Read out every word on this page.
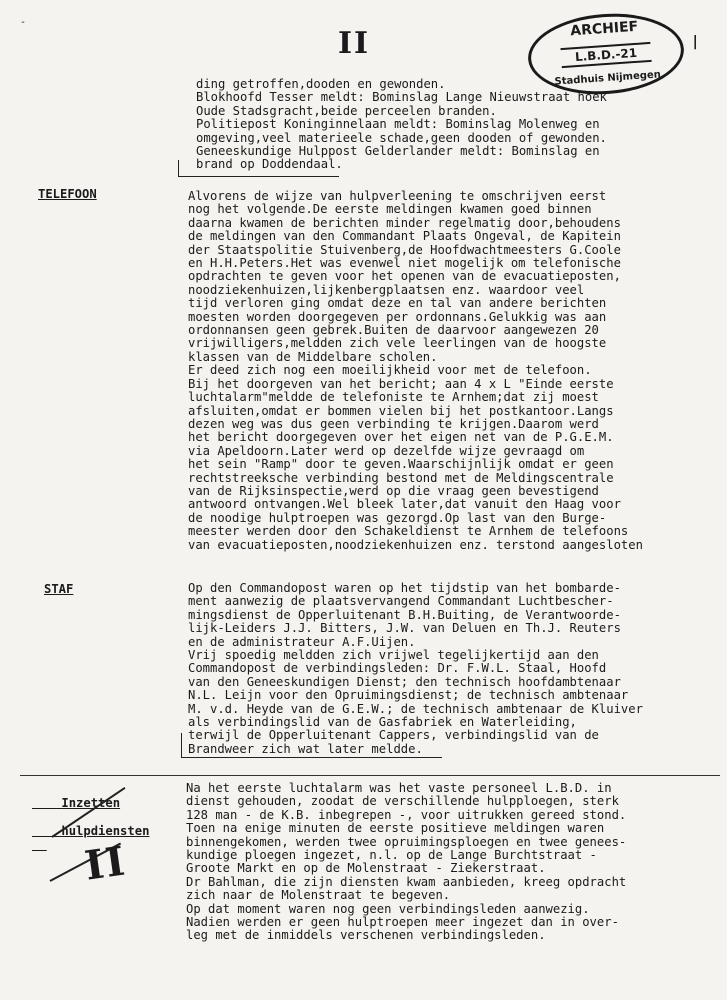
-
II	ARCHIEF
L.B.D.-21
Stadhuis Nijmegen
|
ding getroffen,dooden en gewonden.
Blokhoofd Tesser meldt: Bominslag Lange Nieuwstraat hoek
Oude Stadsgracht,beide perceelen branden.
Politiepost Koninginnelaan meldt: Bominslag Molenweg en
omgeving,veel materieele schade,geen dooden of gewonden.
Geneeskundige Hulppost Gelderlander meldt: Bominslag en
brand op Doddendaal.
TELEFOON	Alvorens de wijze van hulpverleening te omschrijven eerst
nog het volgende.De eerste meldingen kwamen goed binnen
daarna kwamen de berichten minder regelmatig door,behoudens
de meldingen van den Commandant Plaats Ongeval, de Kapitein
der Staatspolitie Stuivenberg,de Hoofdwachtmeesters G.Coole
en H.H.Peters.Het was evenwel niet mogelijk om telefonische
opdrachten te geven voor het openen van de evacuatieposten,
noodziekenhuizen,lijkenbergplaatsen enz. waardoor veel
tijd verloren ging omdat deze en tal van andere berichten
moesten worden doorgegeven per ordonnans.Gelukkig was aan
ordonnansen geen gebrek.Buiten de daarvoor aangewezen 20
vrijwilligers,meldden zich vele leerlingen van de hoogste
klassen van de Middelbare scholen.
Er deed zich nog een moeilijkheid voor met de telefoon.
Bij het doorgeven van het bericht; aan 4 x L "Einde eerste
luchtalarm"meldde de telefoniste te Arnhem;dat zij moest
afsluiten,omdat er bommen vielen bij het postkantoor.Langs
dezen weg was dus geen verbinding te krijgen.Daarom werd
het bericht doorgegeven over het eigen net van de P.G.E.M.
via Apeldoorn.Later werd op dezelfde wijze gevraagd om
het sein "Ramp" door te geven.Waarschijnlijk omdat er geen
rechtstreeksche verbinding bestond met de Meldingscentrale
van de Rijksinspectie,werd op die vraag geen bevestigend
antwoord ontvangen.Wel bleek later,dat vanuit den Haag voor
de noodige hulptroepen was gezorgd.Op last van den Burge-
meester werden door den Schakeldienst te Arnhem de telefoons
van evacuatieposten,noodziekenhuizen enz. terstond aangesloten
STAF	Op den Commandopost waren op het tijdstip van het bombarde-
ment aanwezig de plaatsvervangend Commandant Luchtbescher-
mingsdienst de Opperluitenant B.H.Buiting, de Verantwoorde-
lijk-Leiders J.J. Bitters, J.W. van Deluen en Th.J. Reuters
en de administrateur A.F.Uijen.
Vrij spoedig meldden zich vrijwel tegelijkertijd aan den
Commandopost de verbindingsleden: Dr. F.W.L. Staal, Hoofd
van den Geneeskundigen Dienst; den technisch hoofdambtenaar
N.L. Leijn voor den Opruimingsdienst; de technisch ambtenaar
M. v.d. Heyde van de G.E.W.; de technisch ambtenaar de Kluiver
als verbindingslid van de Gasfabriek en Waterleiding,
terwijl de Opperluitenant Cappers, verbindingslid van de
Brandweer zich wat later meldde.

Inzetten

hulpdiensten

Na het eerste luchtalarm was het vaste personeel L.B.D. in
dienst gehouden, zoodat de verschillende hulpploegen, sterk
128 man - de K.B. inbegrepen -, voor uitrukken gereed stond.
Toen na enige minuten de eerste positieve meldingen waren
binnengekomen, werden twee opruimingsploegen en twee genees-
kundige ploegen ingezet, n.l. op de Lange Burchtstraat -
Groote Markt en op de Molenstraat - Ziekerstraat.
Dr Bahlman, die zijn diensten kwam aanbieden, kreeg opdracht
zich naar de Molenstraat te begeven.
Op dat moment waren nog geen verbindingsleden aanwezig.
Nadien werden er geen hulptroepen meer ingezet dan in over-
leg met de inmiddels verschenen verbindingsleden.
II
